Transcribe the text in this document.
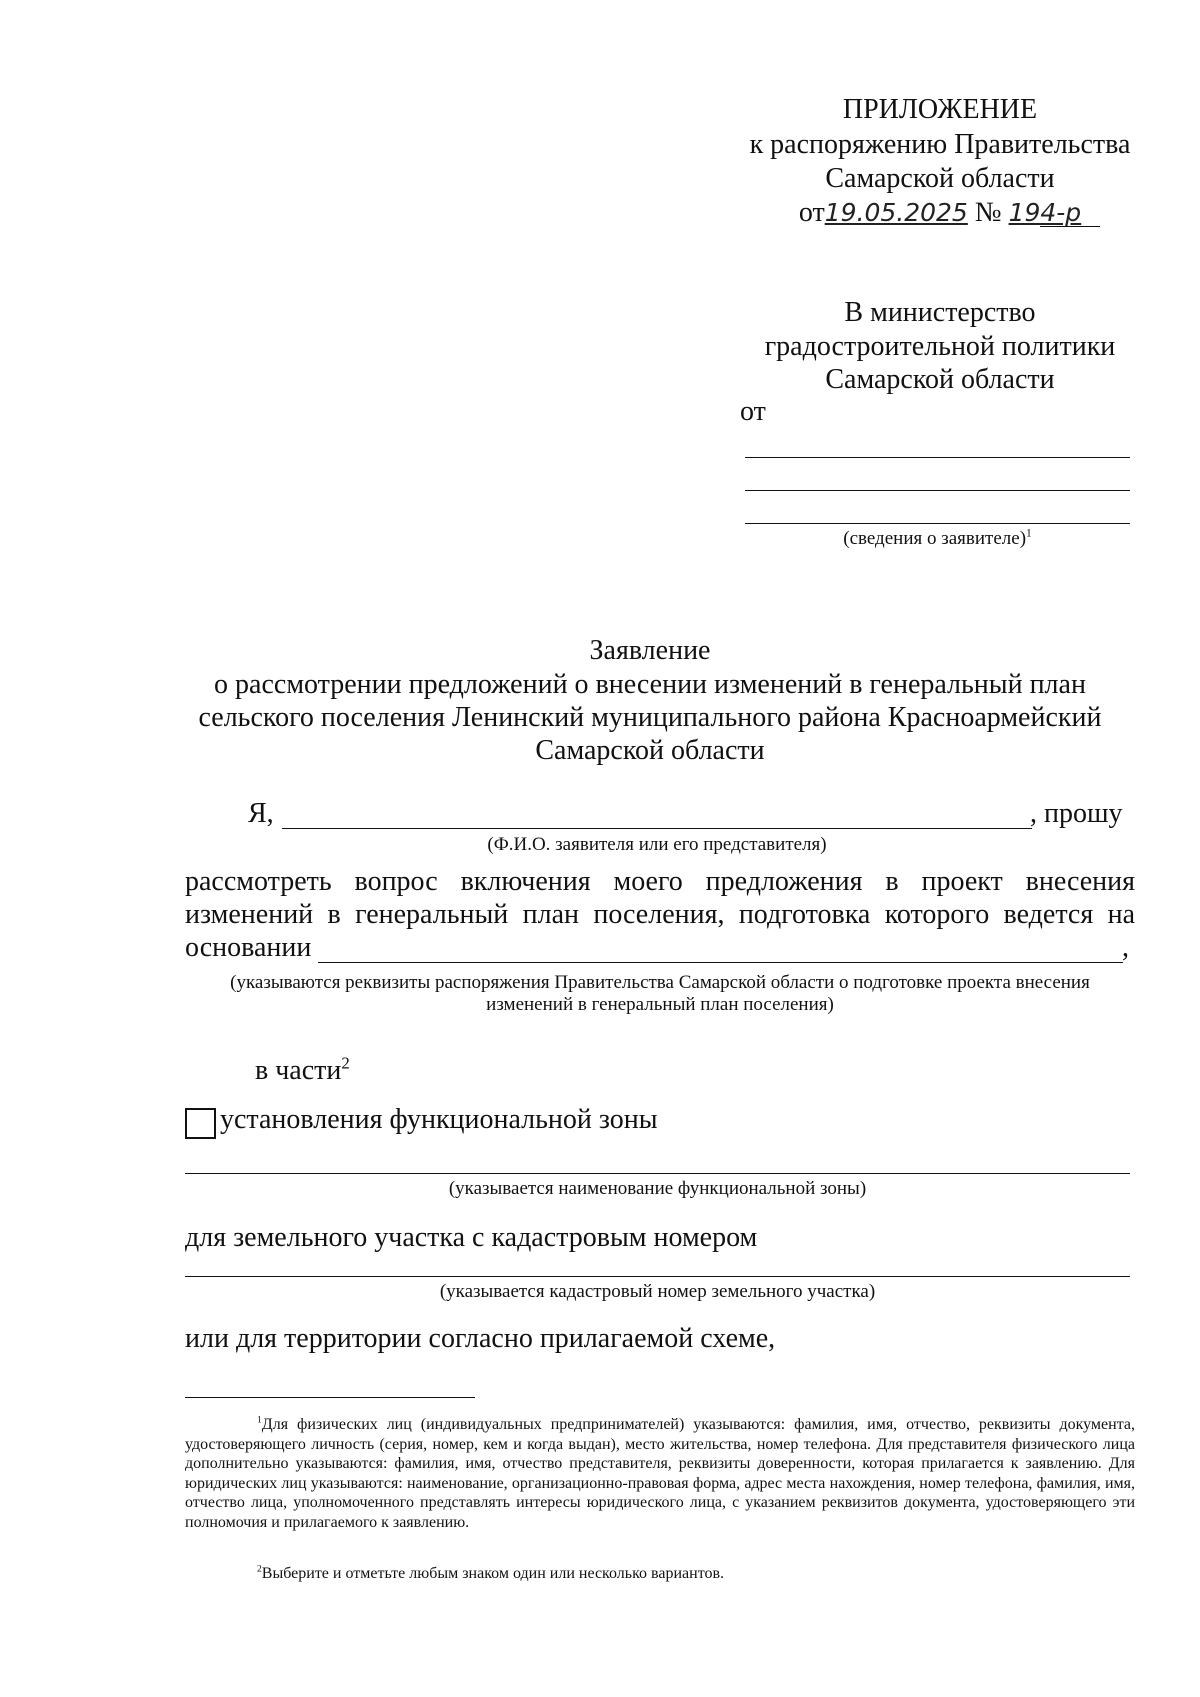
ПРИЛОЖЕНИЕ
к распоряжению Правительства
Самарской области
от19.05.2025 № 194-р
В министерство
градостроительной политики
Самарской области
от
(сведения о заявителе)$^1$
Заявление
о рассмотрении предложений о внесении изменений в генеральный план
сельского поселения Ленинский муниципального района Красноармейский
Самарской области
Я,	, прошу
(Ф.И.О. заявителя или его представителя)
рассмотреть вопрос включения моего предложения в проект внесения
изменений в генеральный план поселения, подготовка которого ведется на
основании	,
(указываются реквизиты распоряжения Правительства Самарской области о подготовке проекта внесения
изменений в генеральный план поселения)
в части$^2$
установления функциональной зоны
(указывается наименование функциональной зоны)
для земельного участка с кадастровым номером
(указывается кадастровый номер земельного участка)
или для территории согласно прилагаемой схеме,
$^1$Для физических лиц (индивидуальных предпринимателей) указываются: фамилия, имя, отчество, реквизиты документа, удостоверяющего личность (серия, номер, кем и когда выдан), место жительства, номер телефона. Для представителя физического лица дополнительно указываются: фамилия, имя, отчество представителя, реквизиты доверенности, которая прилагается к заявлению. Для юридических лиц указываются: наименование, организационно-правовая форма, адрес места нахождения, номер телефона, фамилия, имя, отчество лица, уполномоченного представлять интересы юридического лица, с указанием реквизитов документа, удостоверяющего эти полномочия и прилагаемого к заявлению.
$^2$Выберите и отметьте любым знаком один или несколько вариантов.
